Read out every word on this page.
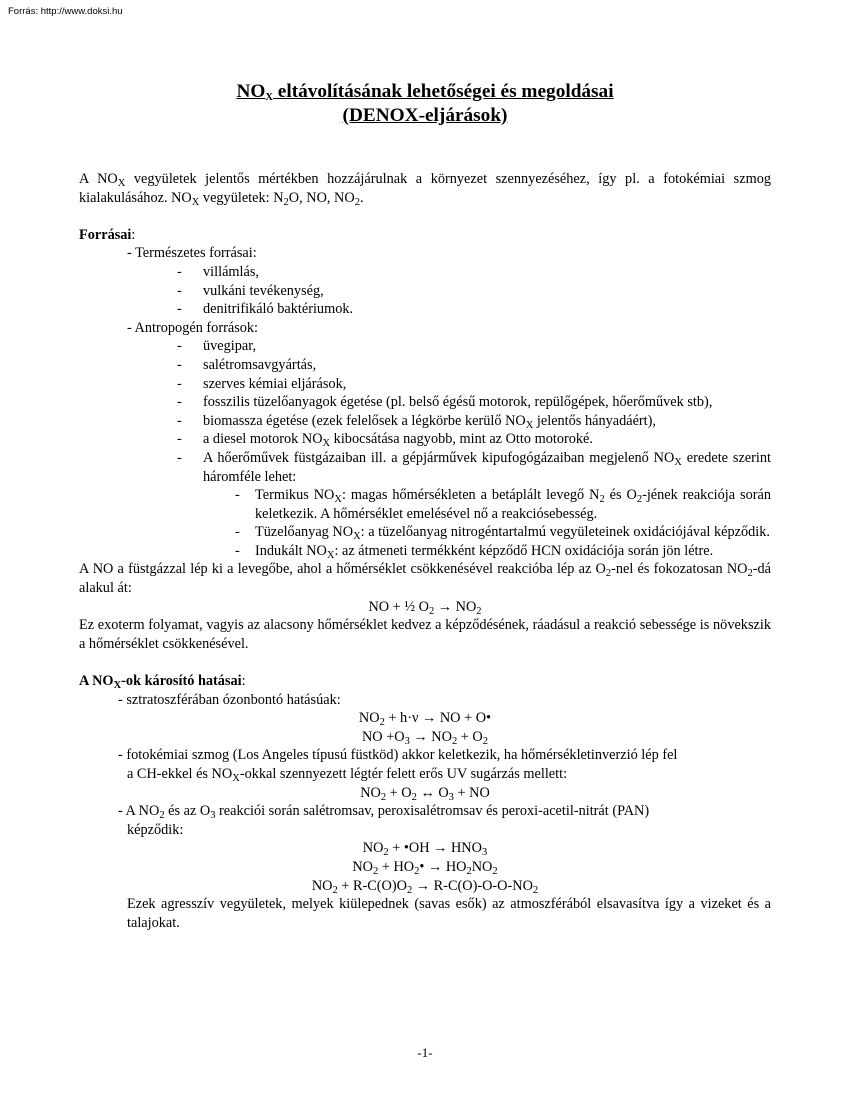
Forrás: http://www.doksi.hu
$NO_X$ eltávolításának lehetőségei és megoldásai
(DENOX-eljárások)

A $NO_X$ vegyületek jelentős mértékben hozzájárulnak a környezet szennyezéséhez, így pl. a fotokémiai szmog kialakulásához. $NO_X$ vegyületek: $N_2O$, NO, $NO_2$.

Forrásai:
- Természetes forrásai:
- villámlás,
- vulkáni tevékenység,
- denitrifikáló baktériumok.
- Antropogén források:
- üvegipar,
- salétromsavgyártás,
- szerves kémiai eljárások,
- fosszilis tüzelőanyagok égetése (pl. belső égésű motorok, repülőgépek, hőerőművek stb),
- biomassza égetése (ezek felelősek a légkörbe kerülő $NO_X$ jelentős hányadáért),
- a diesel motorok $NO_X$ kibocsátása nagyobb, mint az Otto motoroké.
- A hőerőművek füstgázaiban ill. a gépjárművek kipufogógázaiban megjelenő $NO_X$ eredete szerint háromféle lehet:
- Termikus $NO_X$: magas hőmérsékleten a betáplált levegő $N_2$ és $O_2$-jének reakciója során keletkezik. A hőmérséklet emelésével nő a reakciósebesség.
- Tüzelőanyag $NO_X$: a tüzelőanyag nitrogéntartalmú vegyületeinek oxidációjával képződik.
- Indukált $NO_X$: az átmeneti termékként képződő HCN oxidációja során jön létre.

A NO a füstgázzal lép ki a levegőbe, ahol a hőmérséklet csökkenésével reakcióba lép az $O_2$-nel és fokozatosan $NO_2-dá$ alakul át:

NO + ½ $O_2 \to NO_2$

Ez exoterm folyamat, vagyis az alacsony hőmérséklet kedvez a képződésének, ráadásul a reakció sebessége is növekszik a hőmérséklet csökkenésével.

A $NO_X-ok$ károsító hatásai:
- sztratoszférában ózonbontó hatásúak:
$NO_2 + h\cdot\nu$ → NO + O•
NO $+O_3 \to NO_2 + O_2$
- fotokémiai szmog (Los Angeles típusú füstköd) akkor keletkezik, ha hőmérsékletinverzió lép fel
a CH-ekkel és $NO_X$-okkal szennyezett légtér felett erős UV sugárzás mellett:
$NO_2 + O_2$ ↔ $O_3$ + NO
- A $NO_2$ és az $O_3$ reakciói során salétromsav, peroxisalétromsav és peroxi-acetil-nitrát (PAN)
képződik:
$NO_2$ + •OH → $HNO_3$
$NO_2$ + $HO_2• \to HO_2NO_2$
$NO_2 + R-C(O)O_2 \to R-C(O)-O-O-NO_2$

Ezek agresszív vegyületek, melyek kiülepednek (savas esők) az atmoszférából elsavasítva így a vizeket és a talajokat.

-1-
